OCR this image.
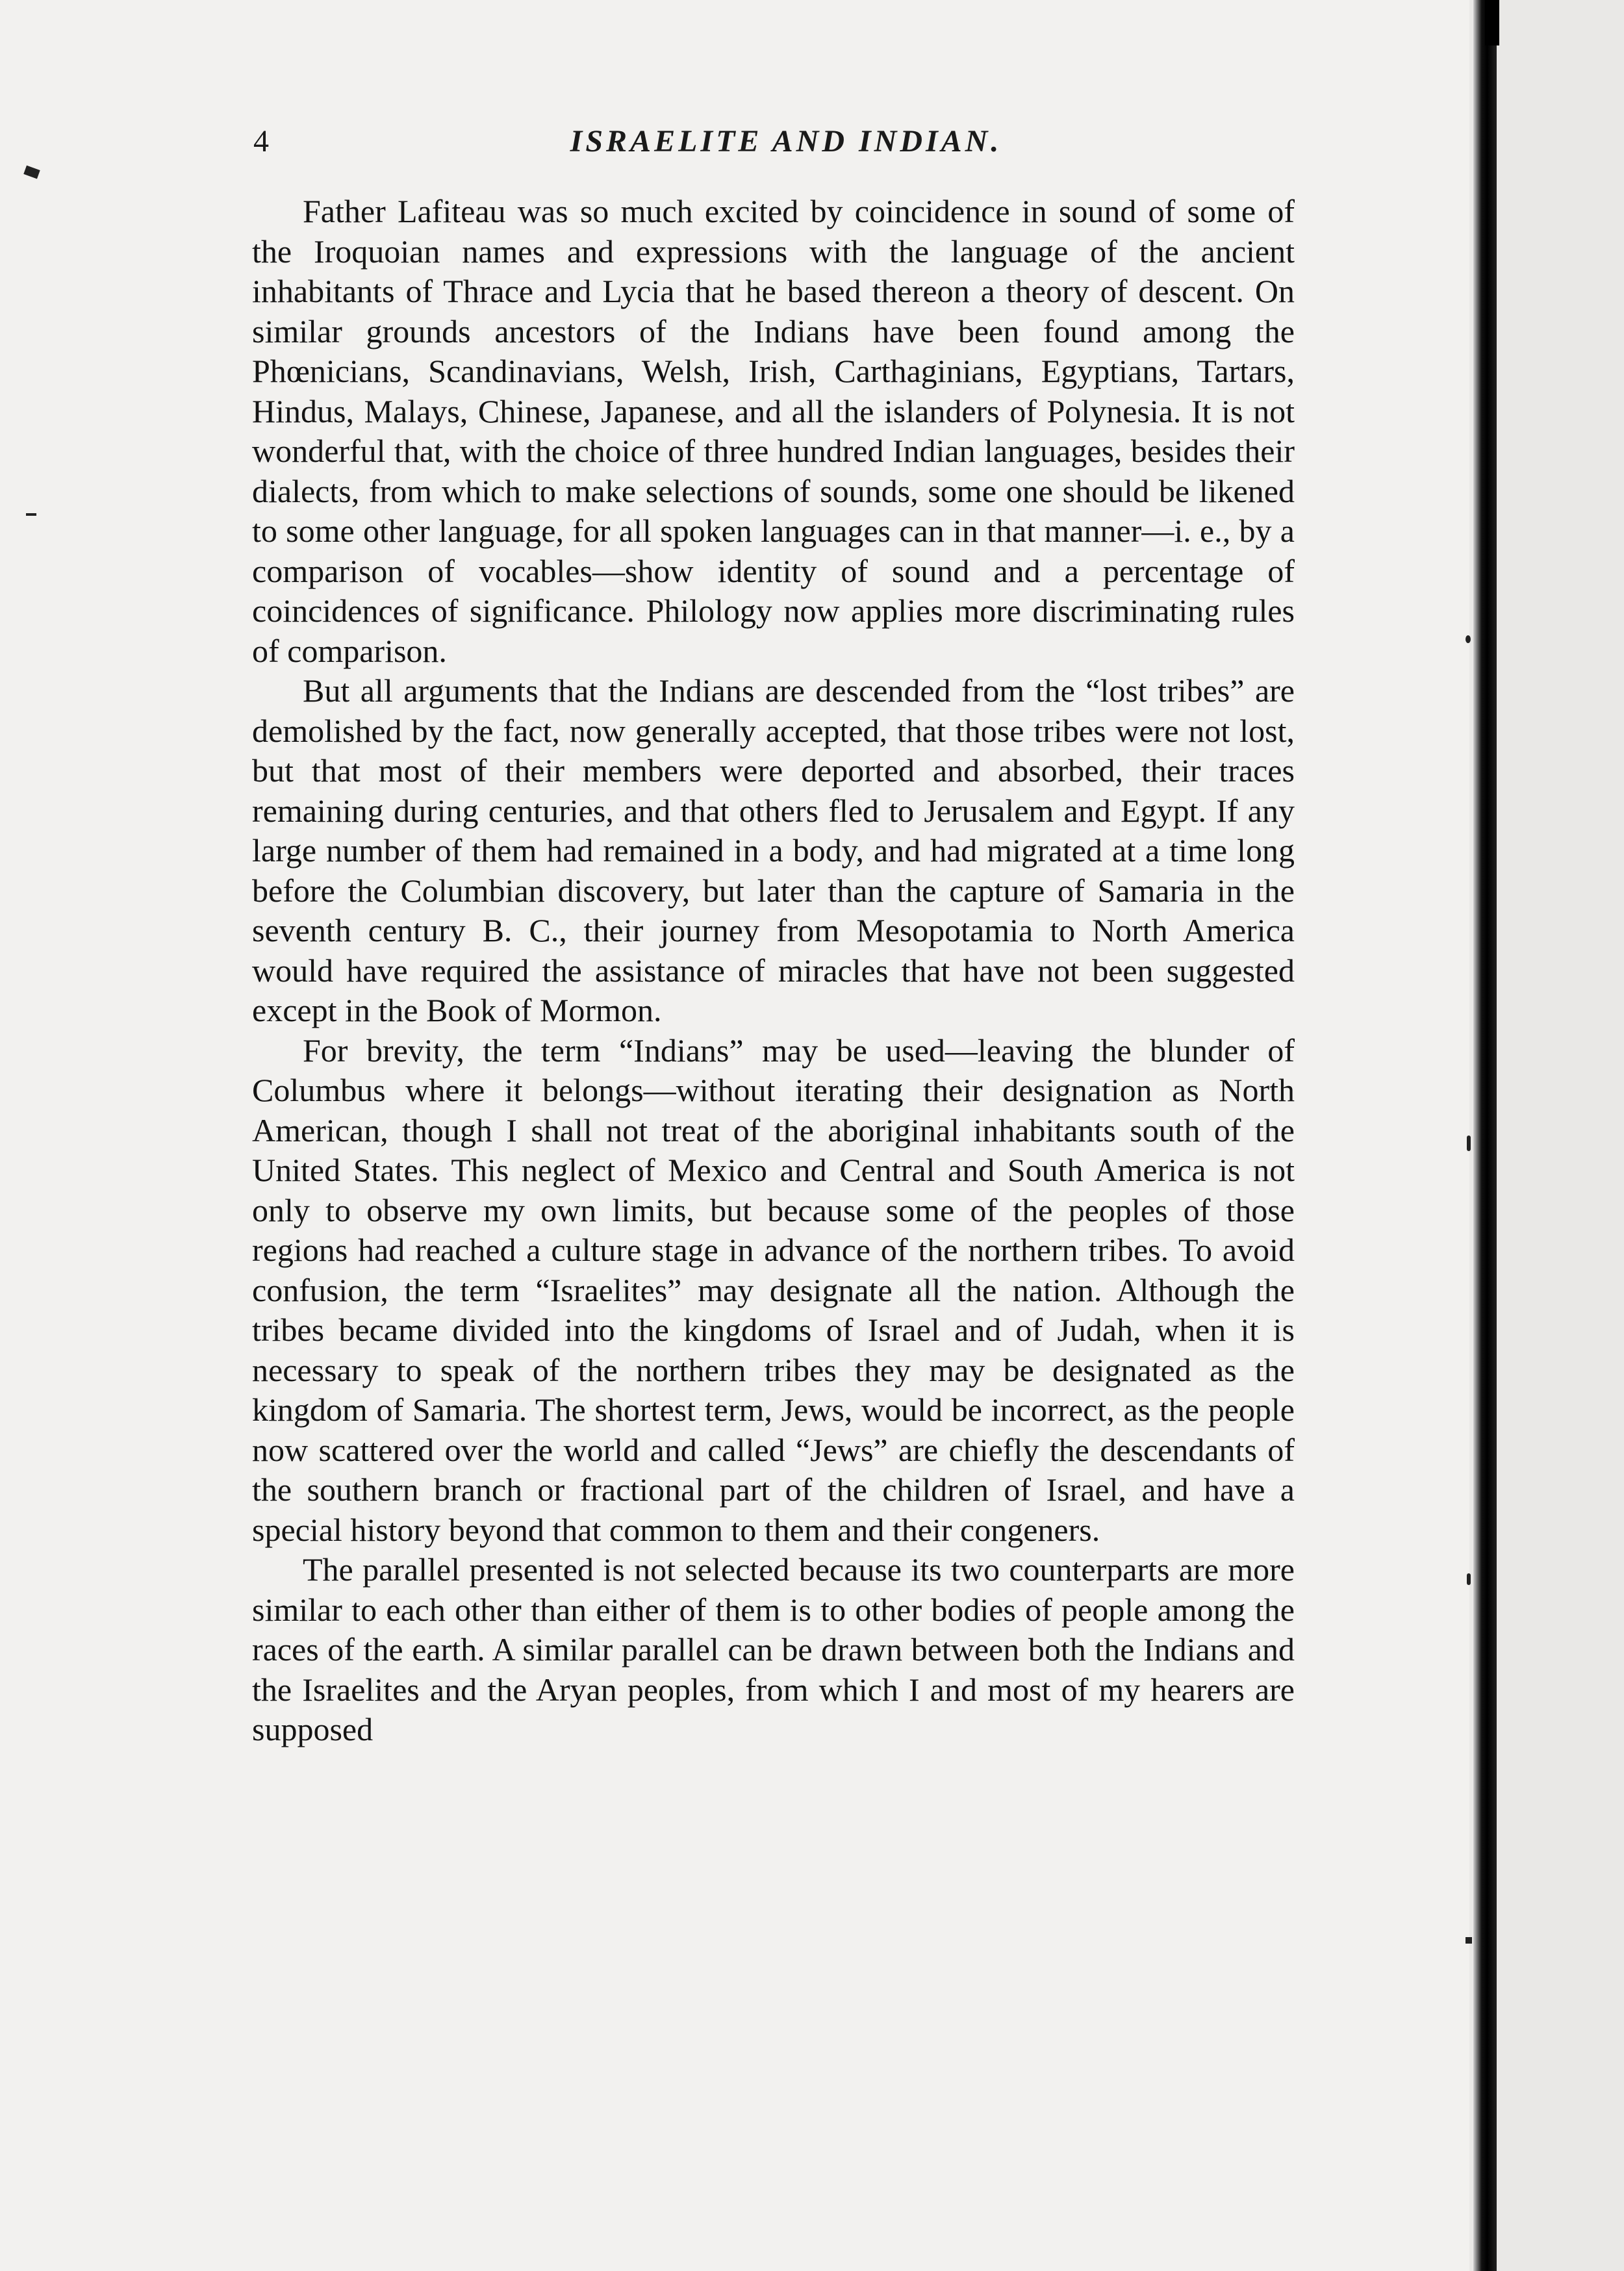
4	ISRAELITE AND INDIAN.

Father Lafiteau was so much excited by coincidence in sound of some of the Iroquoian names and expressions with the language of the ancient inhabitants of Thrace and Lycia that he based thereon a theory of descent. On similar grounds ancestors of the Indians have been found among the Phœnicians, Scandinavians, Welsh, Irish, Carthaginians, Egyptians, Tartars, Hindus, Malays, Chinese, Japanese, and all the islanders of Polynesia. It is not wonderful that, with the choice of three hundred Indian languages, besides their dialects, from which to make selections of sounds, some one should be likened to some other language, for all spoken languages can in that manner—i. e., by a comparison of vocables—show identity of sound and a percentage of coincidences of significance. Philology now applies more discriminating rules of comparison.

But all arguments that the Indians are descended from the “lost tribes” are demolished by the fact, now generally accepted, that those tribes were not lost, but that most of their members were deported and absorbed, their traces remaining during centuries, and that others fled to Jerusalem and Egypt. If any large number of them had remained in a body, and had migrated at a time long before the Columbian discovery, but later than the capture of Samaria in the seventh century B. C., their journey from Mesopotamia to North America would have required the assistance of miracles that have not been suggested except in the Book of Mormon.

For brevity, the term “Indians” may be used—leaving the blunder of Columbus where it belongs—without iterating their designation as North American, though I shall not treat of the aboriginal inhabitants south of the United States. This neglect of Mexico and Central and South America is not only to observe my own limits, but because some of the peoples of those regions had reached a culture stage in advance of the northern tribes. To avoid confusion, the term “Israelites” may designate all the nation. Although the tribes became divided into the kingdoms of Israel and of Judah, when it is necessary to speak of the northern tribes they may be designated as the kingdom of Samaria. The shortest term, Jews, would be incorrect, as the people now scattered over the world and called “Jews” are chiefly the descendants of the southern branch or fractional part of the children of Israel, and have a special history beyond that common to them and their congeners.

The parallel presented is not selected because its two counterparts are more similar to each other than either of them is to other bodies of people among the races of the earth. A similar parallel can be drawn between both the Indians and the Israelites and the Aryan peoples, from which I and most of my hearers are supposed
